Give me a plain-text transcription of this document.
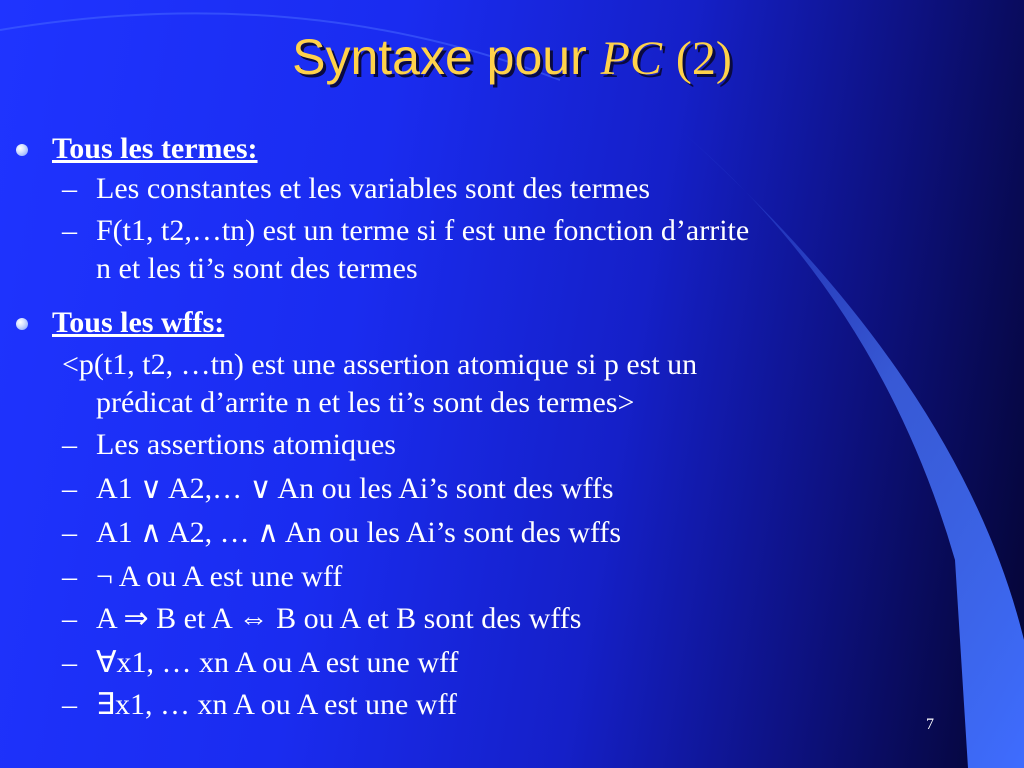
Syntaxe pour PC (2)
Tous les termes:
– Les constantes et les variables sont des termes
– F(t1, t2,…tn) est un terme si f est une fonction d’arrite
n et les ti’s sont des termes
Tous les wffs:
<p(t1, t2, …tn) est une assertion atomique si p est un
prédicat d’arrite n et les ti’s sont des termes>
– Les assertions atomiques
– A1 ∨ A2,… ∨ An ou les Ai’s sont des wffs
– A1 ∧ A2, … ∧ An ou les Ai’s sont des wffs
– ¬ A ou A est une wff
– A ⇒ B et A ⇔ B ou A et B sont des wffs
– ∀x1, … xn A ou A est une wff
– ∃x1, … xn A ou A est une wff
7
